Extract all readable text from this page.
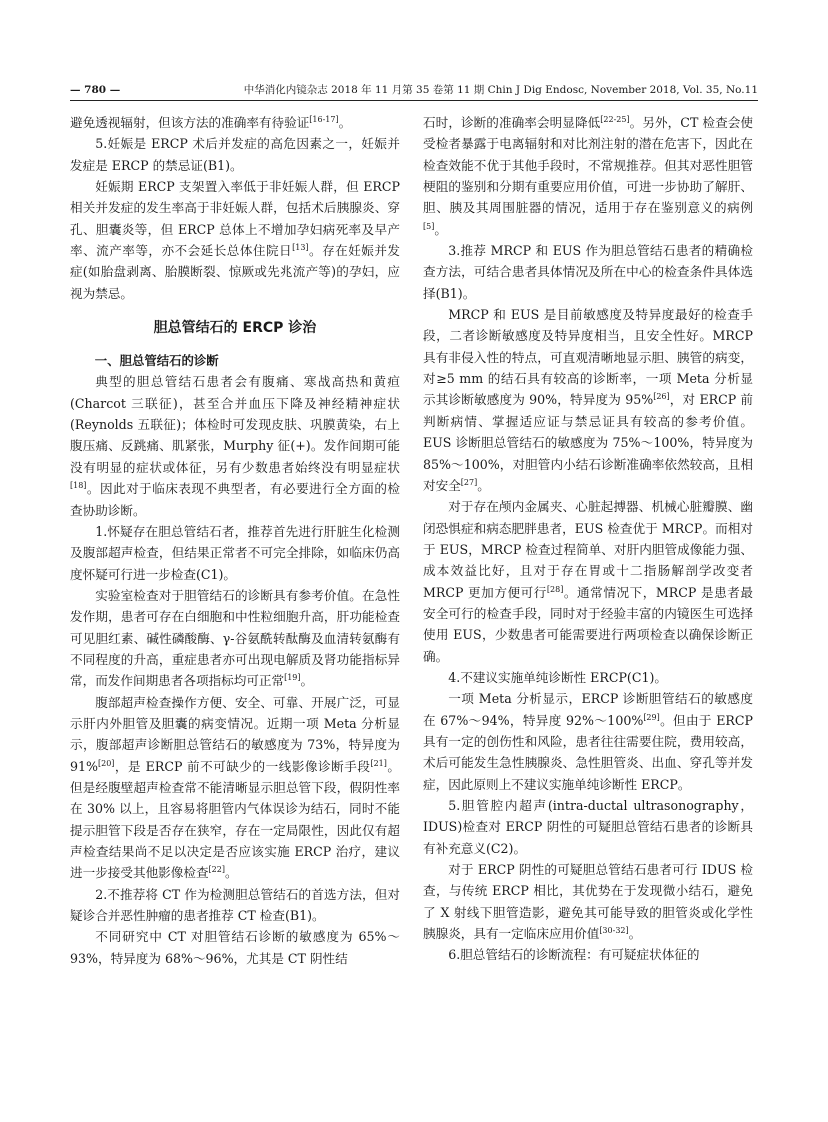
— 780 —	中华消化内镜杂志 2018 年 11 月第 35 卷第 11 期 Chin J Dig Endosc, November 2018, Vol. 35, No.11

避免透视辐射，但该方法的准确率有待验证[16-17]。

5.妊娠是 ERCP 术后并发症的高危因素之一，妊娠并发症是 ERCP 的禁忌证(B1)。

妊娠期 ERCP 支架置入率低于非妊娠人群，但 ERCP 相关并发症的发生率高于非妊娠人群，包括术后胰腺炎、穿孔、胆囊炎等，但 ERCP 总体上不增加孕妇病死率及早产率、流产率等，亦不会延长总体住院日[13]。存在妊娠并发症(如胎盘剥离、胎膜断裂、惊厥或先兆流产等)的孕妇，应视为禁忌。

胆总管结石的 ERCP 诊治
一、胆总管结石的诊断

典型的胆总管结石患者会有腹痛、寒战高热和黄疸(Charcot 三联征)，甚至合并血压下降及神经精神症状(Reynolds 五联征)；体检时可发现皮肤、巩膜黄染，右上腹压痛、反跳痛、肌紧张，Murphy 征(+)。发作间期可能没有明显的症状或体征，另有少数患者始终没有明显症状[18]。因此对于临床表现不典型者，有必要进行全方面的检查协助诊断。

1.怀疑存在胆总管结石者，推荐首先进行肝脏生化检测及腹部超声检查，但结果正常者不可完全排除，如临床仍高度怀疑可行进一步检查(C1)。

实验室检查对于胆管结石的诊断具有参考价值。在急性发作期，患者可存在白细胞和中性粒细胞升高，肝功能检查可见胆红素、碱性磷酸酶、γ-谷氨酰转酞酶及血清转氨酶有不同程度的升高，重症患者亦可出现电解质及肾功能指标异常，而发作间期患者各项指标均可正常[19]。

腹部超声检查操作方便、安全、可靠、开展广泛，可显示肝内外胆管及胆囊的病变情况。近期一项 Meta 分析显示，腹部超声诊断胆总管结石的敏感度为 73%，特异度为 91%[20]，是 ERCP 前不可缺少的一线影像诊断手段[21]。但是经腹壁超声检查常不能清晰显示胆总管下段，假阴性率在 30% 以上，且容易将胆管内气体误诊为结石，同时不能提示胆管下段是否存在狭窄，存在一定局限性，因此仅有超声检查结果尚不足以决定是否应该实施 ERCP 治疗，建议进一步接受其他影像检查[22]。

2.不推荐将 CT 作为检测胆总管结石的首选方法，但对疑诊合并恶性肿瘤的患者推荐 CT 检查(B1)。

不同研究中 CT 对胆管结石诊断的敏感度为 65%～93%，特异度为 68%～96%，尤其是 CT 阴性结

石时，诊断的准确率会明显降低[22-25]。另外，CT 检查会使受检者暴露于电离辐射和对比剂注射的潜在危害下，因此在检查效能不优于其他手段时，不常规推荐。但其对恶性胆管梗阻的鉴别和分期有重要应用价值，可进一步协助了解肝、胆、胰及其周围脏器的情况，适用于存在鉴别意义的病例[5]。

3.推荐 MRCP 和 EUS 作为胆总管结石患者的精确检查方法，可结合患者具体情况及所在中心的检查条件具体选择(B1)。

MRCP 和 EUS 是目前敏感度及特异度最好的检查手段，二者诊断敏感度及特异度相当，且安全性好。MRCP 具有非侵入性的特点，可直观清晰地显示胆、胰管的病变，对≥5 mm 的结石具有较高的诊断率，一项 Meta 分析显示其诊断敏感度为 90%，特异度为 95%[26]，对 ERCP 前判断病情、掌握适应证与禁忌证具有较高的参考价值。EUS 诊断胆总管结石的敏感度为 75%～100%，特异度为 85%～100%，对胆管内小结石诊断准确率依然较高，且相对安全[27]。

对于存在颅内金属夹、心脏起搏器、机械心脏瓣膜、幽闭恐惧症和病态肥胖患者，EUS 检查优于 MRCP。而相对于 EUS，MRCP 检查过程简单、对肝内胆管成像能力强、成本效益比好，且对于存在胃或十二指肠解剖学改变者 MRCP 更加方便可行[28]。通常情况下，MRCP 是患者最安全可行的检查手段，同时对于经验丰富的内镜医生可选择使用 EUS，少数患者可能需要进行两项检查以确保诊断正确。

4.不建议实施单纯诊断性 ERCP(C1)。

一项 Meta 分析显示，ERCP 诊断胆管结石的敏感度在 67%～94%，特异度 92%～100%[29]。但由于 ERCP 具有一定的创伤性和风险，患者往往需要住院，费用较高，术后可能发生急性胰腺炎、急性胆管炎、出血、穿孔等并发症，因此原则上不建议实施单纯诊断性 ERCP。

5.胆管腔内超声(intra-ductal ultrasonography，IDUS)检查对 ERCP 阴性的可疑胆总管结石患者的诊断具有补充意义(C2)。

对于 ERCP 阴性的可疑胆总管结石患者可行 IDUS 检查，与传统 ERCP 相比，其优势在于发现微小结石，避免了 X 射线下胆管造影，避免其可能导致的胆管炎或化学性胰腺炎，具有一定临床应用价值[30-32]。

6.胆总管结石的诊断流程：有可疑症状体征的
